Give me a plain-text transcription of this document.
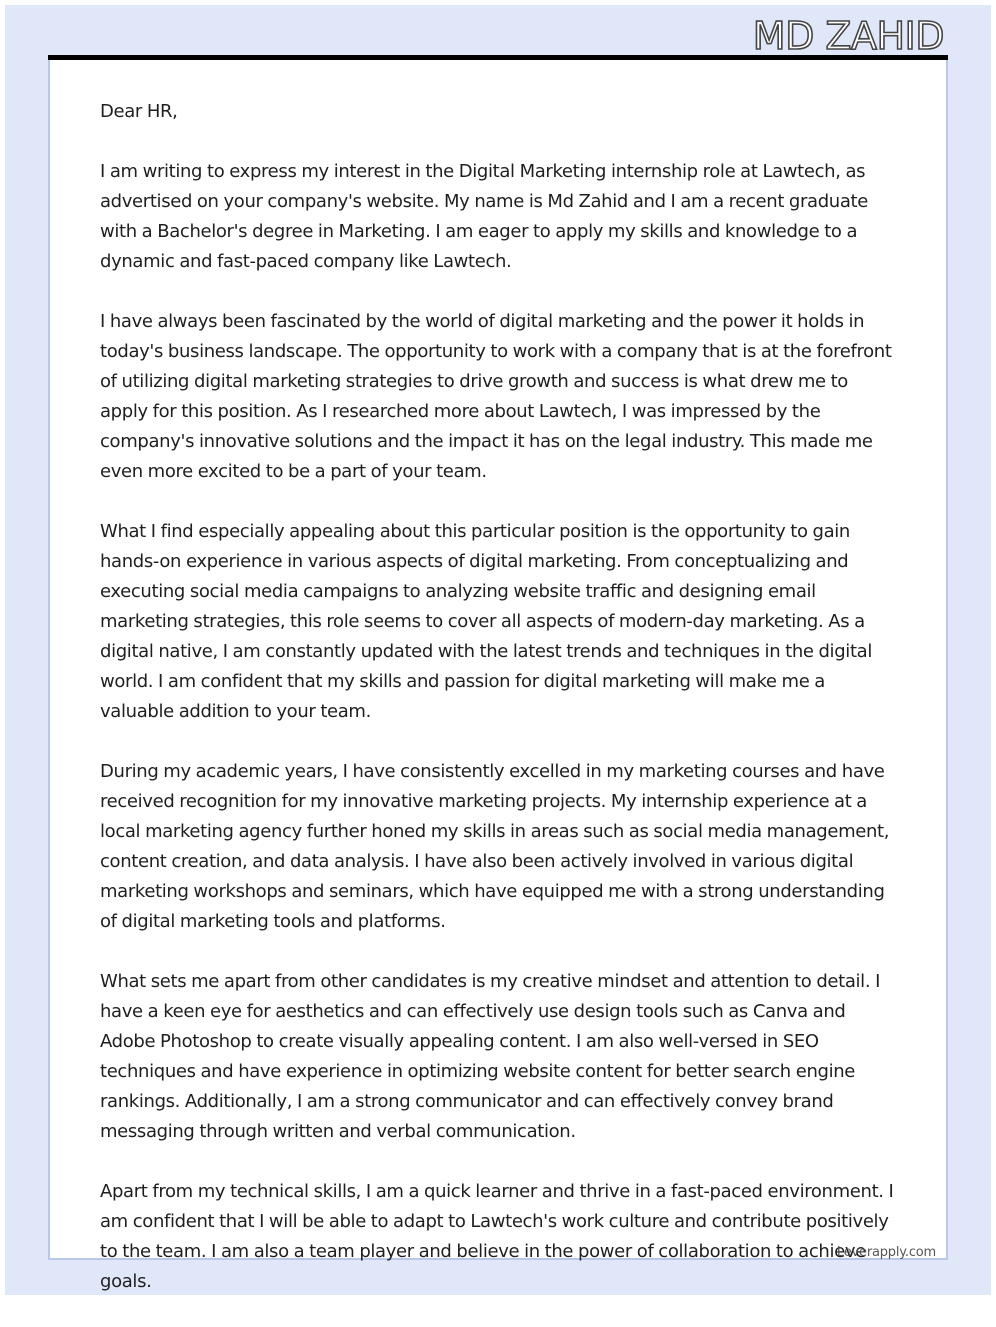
MD ZAHID

Dear HR,

I am writing to express my interest in the Digital Marketing internship role at Lawtech, as advertised on your company's website. My name is Md Zahid and I am a recent graduate with a Bachelor's degree in Marketing. I am eager to apply my skills and knowledge to a dynamic and fast-paced company like Lawtech.

I have always been fascinated by the world of digital marketing and the power it holds in today's business landscape. The opportunity to work with a company that is at the forefront of utilizing digital marketing strategies to drive growth and success is what drew me to apply for this position. As I researched more about Lawtech, I was impressed by the company's innovative solutions and the impact it has on the legal industry. This made me even more excited to be a part of your team.

What I find especially appealing about this particular position is the opportunity to gain hands-on experience in various aspects of digital marketing. From conceptualizing and executing social media campaigns to analyzing website traffic and designing email marketing strategies, this role seems to cover all aspects of modern-day marketing. As a digital native, I am constantly updated with the latest trends and techniques in the digital world. I am confident that my skills and passion for digital marketing will make me a valuable addition to your team.

During my academic years, I have consistently excelled in my marketing courses and have received recognition for my innovative marketing projects. My internship experience at a local marketing agency further honed my skills in areas such as social media management, content creation, and data analysis. I have also been actively involved in various digital marketing workshops and seminars, which have equipped me with a strong understanding of digital marketing tools and platforms.

What sets me apart from other candidates is my creative mindset and attention to detail. I have a keen eye for aesthetics and can effectively use design tools such as Canva and Adobe Photoshop to create visually appealing content. I am also well-versed in SEO techniques and have experience in optimizing website content for better search engine rankings. Additionally, I am a strong communicator and can effectively convey brand messaging through written and verbal communication.

Apart from my technical skills, I am a quick learner and thrive in a fast-paced environment. I am confident that I will be able to adapt to Lawtech's work culture and contribute positively to the team. I am also a team player and believe in the power of collaboration to achieve goals.

Leverapply.com
